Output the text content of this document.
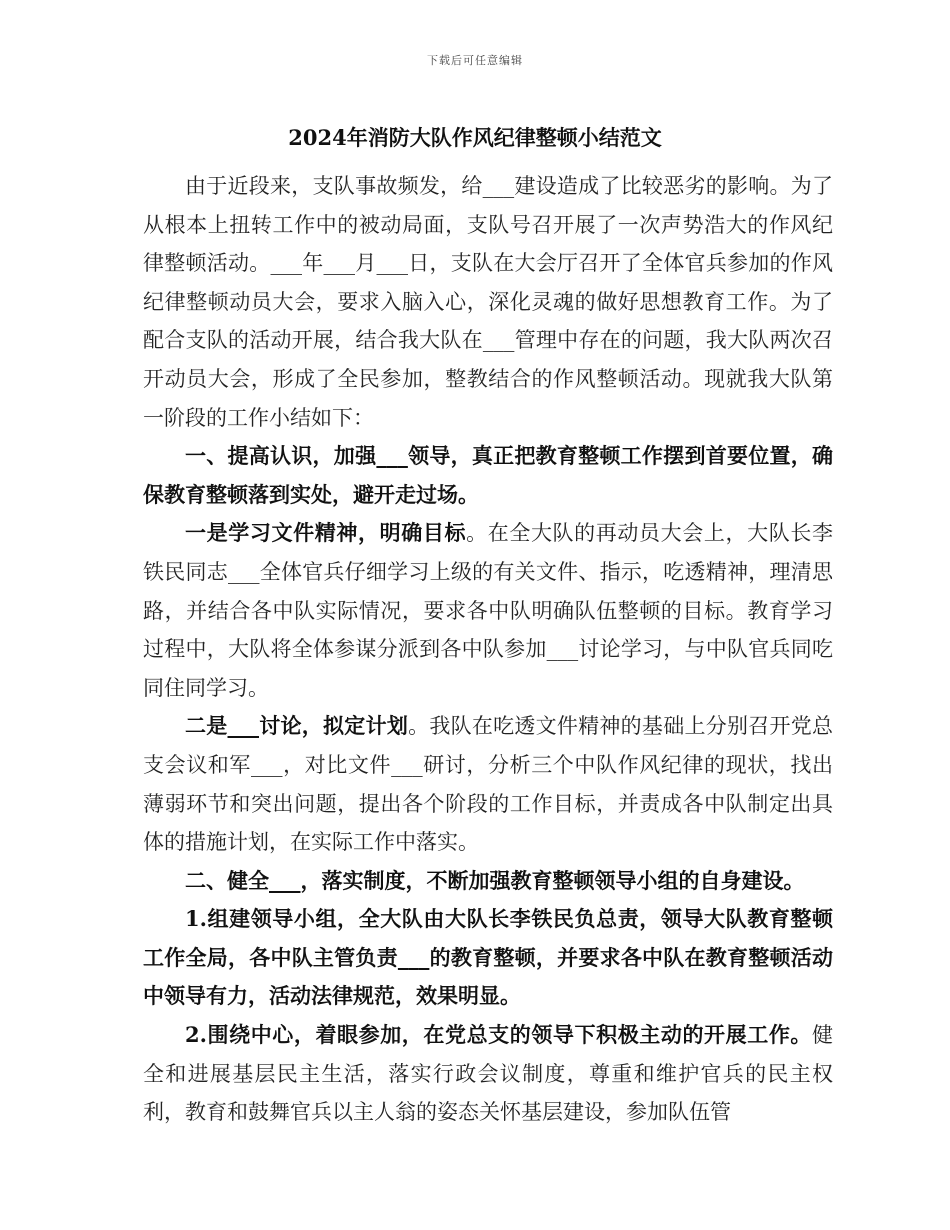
下载后可任意编辑
2024年消防大队作风纪律整顿小结范文

由于近段来，支队事故频发，给___建设造成了比较恶劣的影响。为了从根本上扭转工作中的被动局面，支队号召开展了一次声势浩大的作风纪律整顿活动。___年___月___日，支队在大会厅召开了全体官兵参加的作风纪律整顿动员大会，要求入脑入心，深化灵魂的做好思想教育工作。为了配合支队的活动开展，结合我大队在___管理中存在的问题，我大队两次召开动员大会，形成了全民参加，整教结合的作风整顿活动。现就我大队第一阶段的工作小结如下：

一、提高认识，加强___领导，真正把教育整顿工作摆到首要位置，确保教育整顿落到实处，避开走过场。

一是学习文件精神，明确目标。在全大队的再动员大会上，大队长李铁民同志___全体官兵仔细学习上级的有关文件、指示，吃透精神，理清思路，并结合各中队实际情况，要求各中队明确队伍整顿的目标。教育学习过程中，大队将全体参谋分派到各中队参加___讨论学习，与中队官兵同吃同住同学习。

二是___讨论，拟定计划。我队在吃透文件精神的基础上分别召开党总支会议和军___，对比文件___研讨，分析三个中队作风纪律的现状，找出薄弱环节和突出问题，提出各个阶段的工作目标，并责成各中队制定出具体的措施计划，在实际工作中落实。

二、健全___，落实制度，不断加强教育整顿领导小组的自身建设。

1.组建领导小组，全大队由大队长李铁民负总责，领导大队教育整顿工作全局，各中队主管负责___的教育整顿，并要求各中队在教育整顿活动中领导有力，活动法律规范，效果明显。

2.围绕中心，着眼参加，在党总支的领导下积极主动的开展工作。健全和进展基层民主生活，落实行政会议制度，尊重和维护官兵的民主权利，教育和鼓舞官兵以主人翁的姿态关怀基层建设，参加队伍管
